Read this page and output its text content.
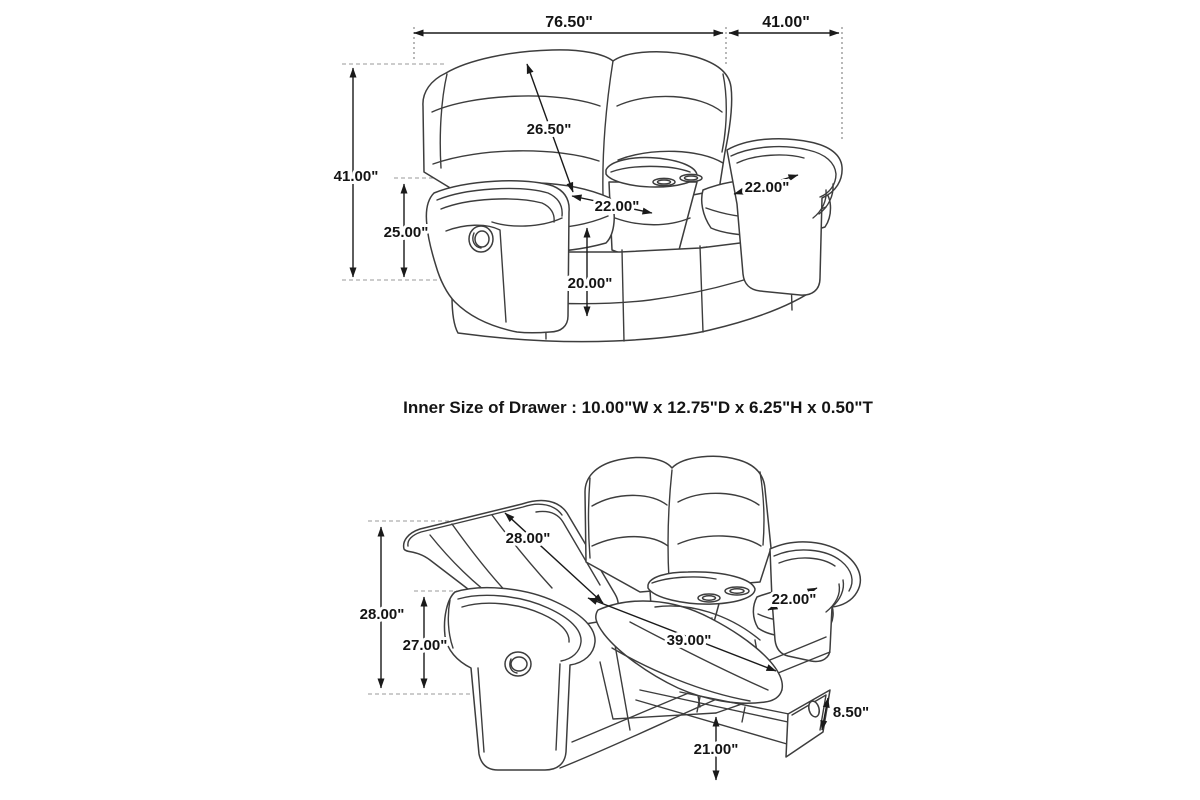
76.50"	41.00"
41.00"
25.00"
26.50"
22.00"
22.00"
20.00"
Inner Size of Drawer : 10.00"W x 12.75"D x 6.25"H x 0.50"T
28.00"
27.00"
28.00"
39.00"
22.00"
8.50"
21.00"
